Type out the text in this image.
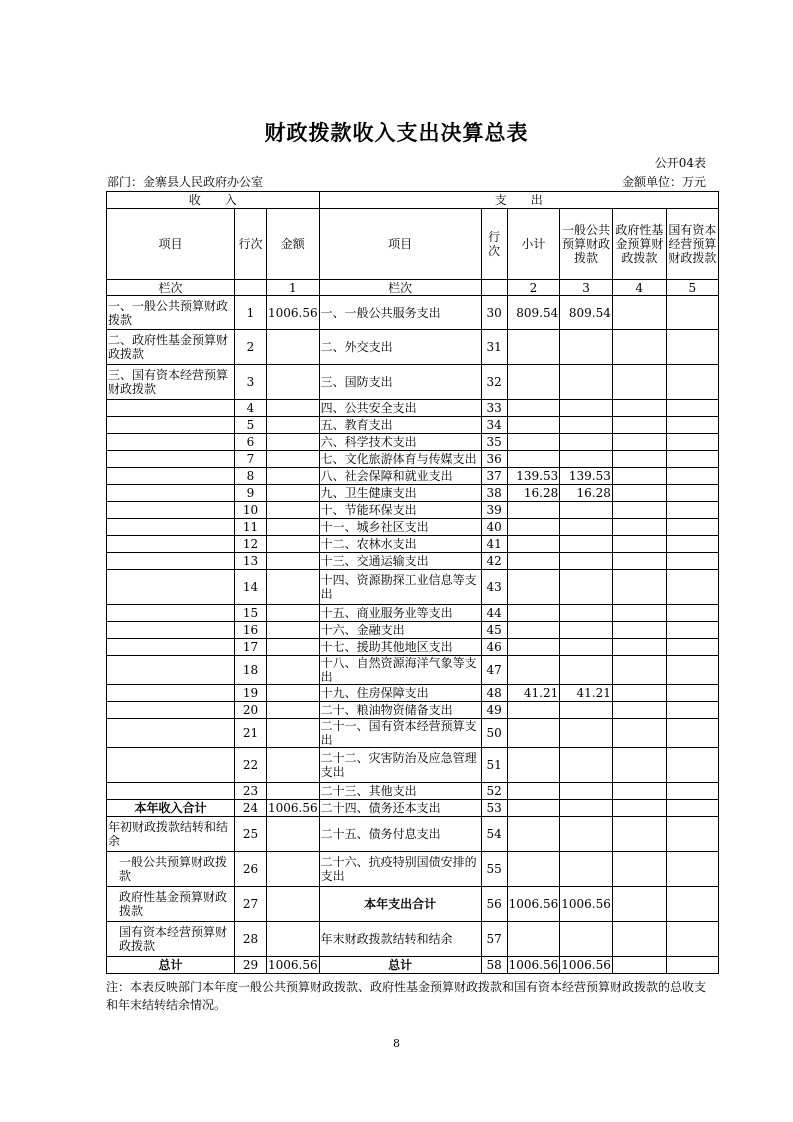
财政拨款收入支出决算总表
公开04表
部门：金寨县人民政府办公室	金额单位：万元
收　　入			支　　出					
项目	行次	金额	项目	行次	小计	一般公共预算财政拨款	政府性基金预算财政拨款	国有资本经营预算财政拨款
栏次		1	栏次		2	3	4	5
一、一般公共预算财政拨款	1	1006.56	一、一般公共服务支出	30	809.54	809.54		
二、政府性基金预算财政拨款	2		二、外交支出	31				
三、国有资本经营预算财政拨款	3		三、国防支出	32				
	4		四、公共安全支出	33				
	5		五、教育支出	34				
	6		六、科学技术支出	35				
	7		七、文化旅游体育与传媒支出	36				
	8		八、社会保障和就业支出	37	139.53	139.53		
	9		九、卫生健康支出	38	16.28	16.28		
	10		十、节能环保支出	39				
	11		十一、城乡社区支出	40				
	12		十二、农林水支出	41				
	13		十三、交通运输支出	42				
	14		十四、资源勘探工业信息等支出	43				
	15		十五、商业服务业等支出	44				
	16		十六、金融支出	45				
	17		十七、援助其他地区支出	46				
	18		十八、自然资源海洋气象等支出	47				
	19		十九、住房保障支出	48	41.21	41.21		
	20		二十、粮油物资储备支出	49				
	21		二十一、国有资本经营预算支出	50				
	22		二十二、灾害防治及应急管理支出	51				
	23		二十三、其他支出	52				
本年收入合计	24	1006.56	二十四、债务还本支出	53				
年初财政拨款结转和结余	25		二十五、债务付息支出	54				
一般公共预算财政拨款	26		二十六、抗疫特别国债安排的支出	55				
政府性基金预算财政拨款	27		本年支出合计	56	1006.56	1006.56		
国有资本经营预算财政拨款	28		年末财政拨款结转和结余	57				
总计	29	1006.56	总计	58	1006.56	1006.56		
注：本表反映部门本年度一般公共预算财政拨款、政府性基金预算财政拨款和国有资本经营预算财政拨款的总收支和年末结转结余情况。
8
